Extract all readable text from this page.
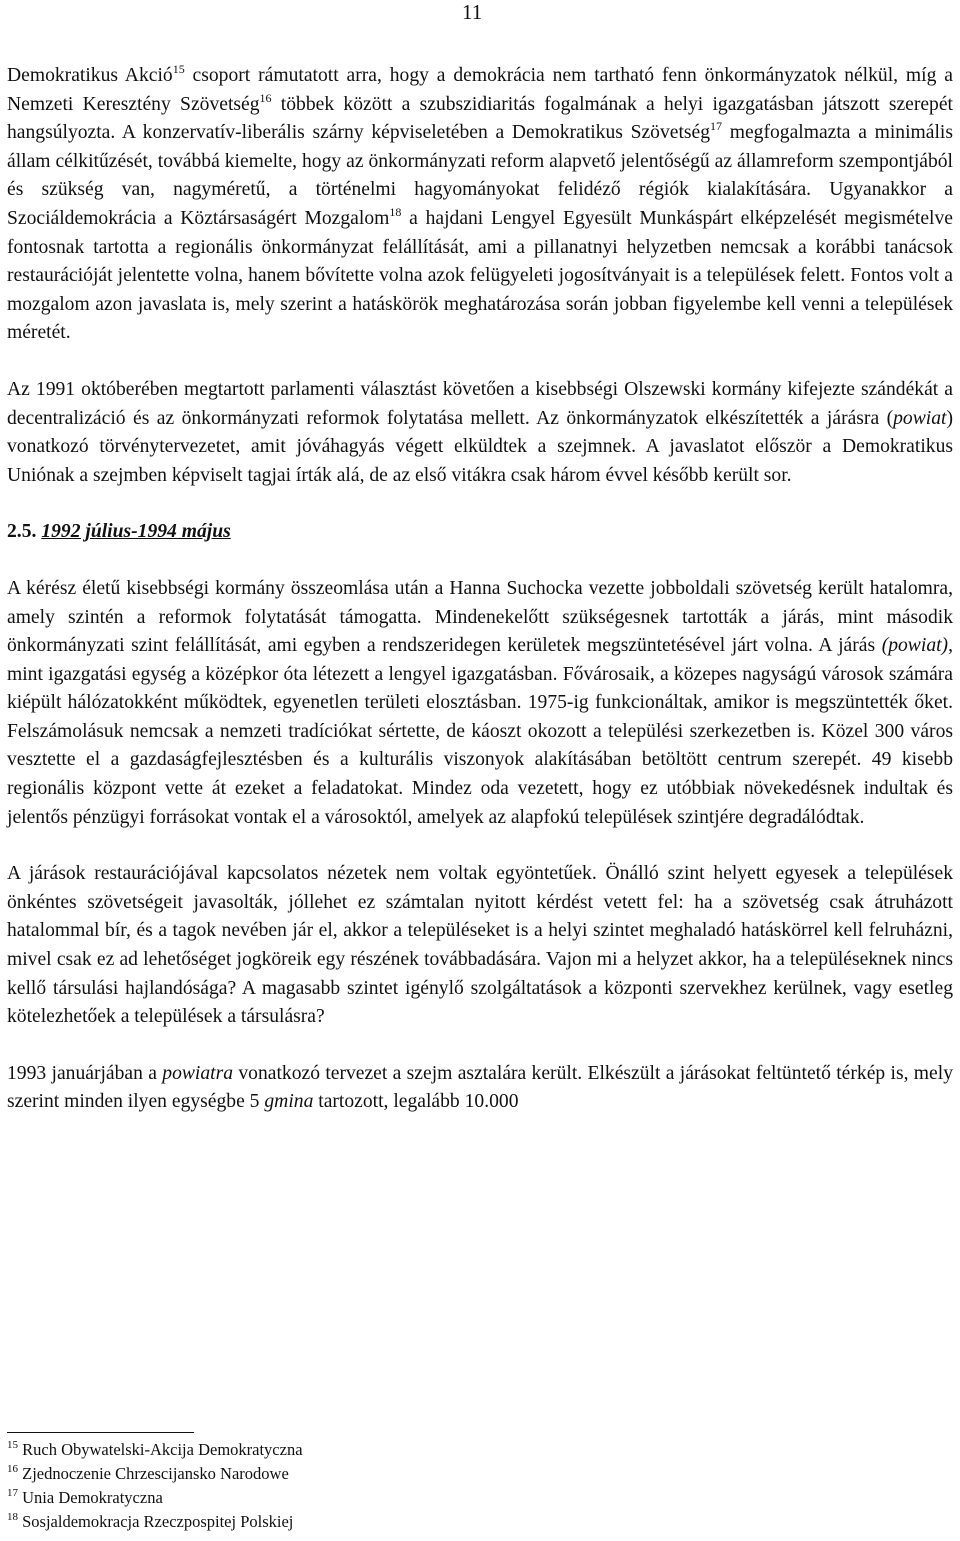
11

Demokratikus Akció$^{15}$ csoport rámutatott arra, hogy a demokrácia nem tartható fenn önkormányzatok nélkül, míg a Nemzeti Keresztény Szövetség$^{16}$ többek között a szubszidiaritás fogalmának a helyi igazgatásban játszott szerepét hangsúlyozta. A konzervatív-liberális szárny képviseletében a Demokratikus Szövetség$^{17}$ megfogalmazta a minimális állam célkitűzését, továbbá kiemelte, hogy az önkormányzati reform alapvető jelentőségű az államreform szempontjából és szükség van, nagyméretű, a történelmi hagyományokat felidéző régiók kialakítására. Ugyanakkor a Szociáldemokrácia a Köztársaságért Mozgalom$^{18}$ a hajdani Lengyel Egyesült Munkáspárt elképzelését megismételve fontosnak tartotta a regionális önkormányzat felállítását, ami a pillanatnyi helyzetben nemcsak a korábbi tanácsok restaurációját jelentette volna, hanem bővítette volna azok felügyeleti jogosítványait is a települések felett. Fontos volt a mozgalom azon javaslata is, mely szerint a hatáskörök meghatározása során jobban figyelembe kell venni a települések méretét.

Az 1991 októberében megtartott parlamenti választást követően a kisebbségi Olszewski kormány kifejezte szándékát a decentralizáció és az önkormányzati reformok folytatása mellett. Az önkormányzatok elkészítették a járásra (powiat) vonatkozó törvénytervezetet, amit jóváhagyás végett elküldtek a szejmnek. A javaslatot először a Demokratikus Uniónak a szejmben képviselt tagjai írták alá, de az első vitákra csak három évvel később került sor.

2.5. 1992 július-1994 május

A kérész életű kisebbségi kormány összeomlása után a Hanna Suchocka vezette jobboldali szövetség került hatalomra, amely szintén a reformok folytatását támogatta. Mindenekelőtt szükségesnek tartották a járás, mint második önkormányzati szint felállítását, ami egyben a rendszeridegen kerületek megszüntetésével járt volna. A járás (powiat), mint igazgatási egység a középkor óta létezett a lengyel igazgatásban. Fővárosaik, a közepes nagyságú városok számára kiépült hálózatokként működtek, egyenetlen területi elosztásban. 1975-ig funkcionáltak, amikor is megszüntették őket. Felszámolásuk nemcsak a nemzeti tradíciókat sértette, de káoszt okozott a települési szerkezetben is. Közel 300 város vesztette el a gazdaságfejlesztésben és a kulturális viszonyok alakításában betöltött centrum szerepét. 49 kisebb regionális központ vette át ezeket a feladatokat. Mindez oda vezetett, hogy ez utóbbiak növekedésnek indultak és jelentős pénzügyi forrásokat vontak el a városoktól, amelyek az alapfokú települések szintjére degradálódtak.

A járások restaurációjával kapcsolatos nézetek nem voltak egyöntetűek. Önálló szint helyett egyesek a települések önkéntes szövetségeit javasolták, jóllehet ez számtalan nyitott kérdést vetett fel: ha a szövetség csak átruházott hatalommal bír, és a tagok nevében jár el, akkor a településeket is a helyi szintet meghaladó hatáskörrel kell felruházni, mivel csak ez ad lehetőséget jogköreik egy részének továbbadására. Vajon mi a helyzet akkor, ha a településeknek nincs kellő társulási hajlandósága? A magasabb szintet igénylő szolgáltatások a központi szervekhez kerülnek, vagy esetleg kötelezhetőek a települések a társulásra?

1993 januárjában a powiatra vonatkozó tervezet a szejm asztalára került. Elkészült a járásokat feltüntető térkép is, mely szerint minden ilyen egységbe 5 gmina tartozott, legalább 10.000

$^{15}$ Ruch Obywatelski-Akcija Demokratyczna
$^{16}$ Zjednoczenie Chrzescijansko Narodowe
$^{17}$ Unia Demokratyczna
$^{18}$ Sosjaldemokracja Rzeczpospitej Polskiej
